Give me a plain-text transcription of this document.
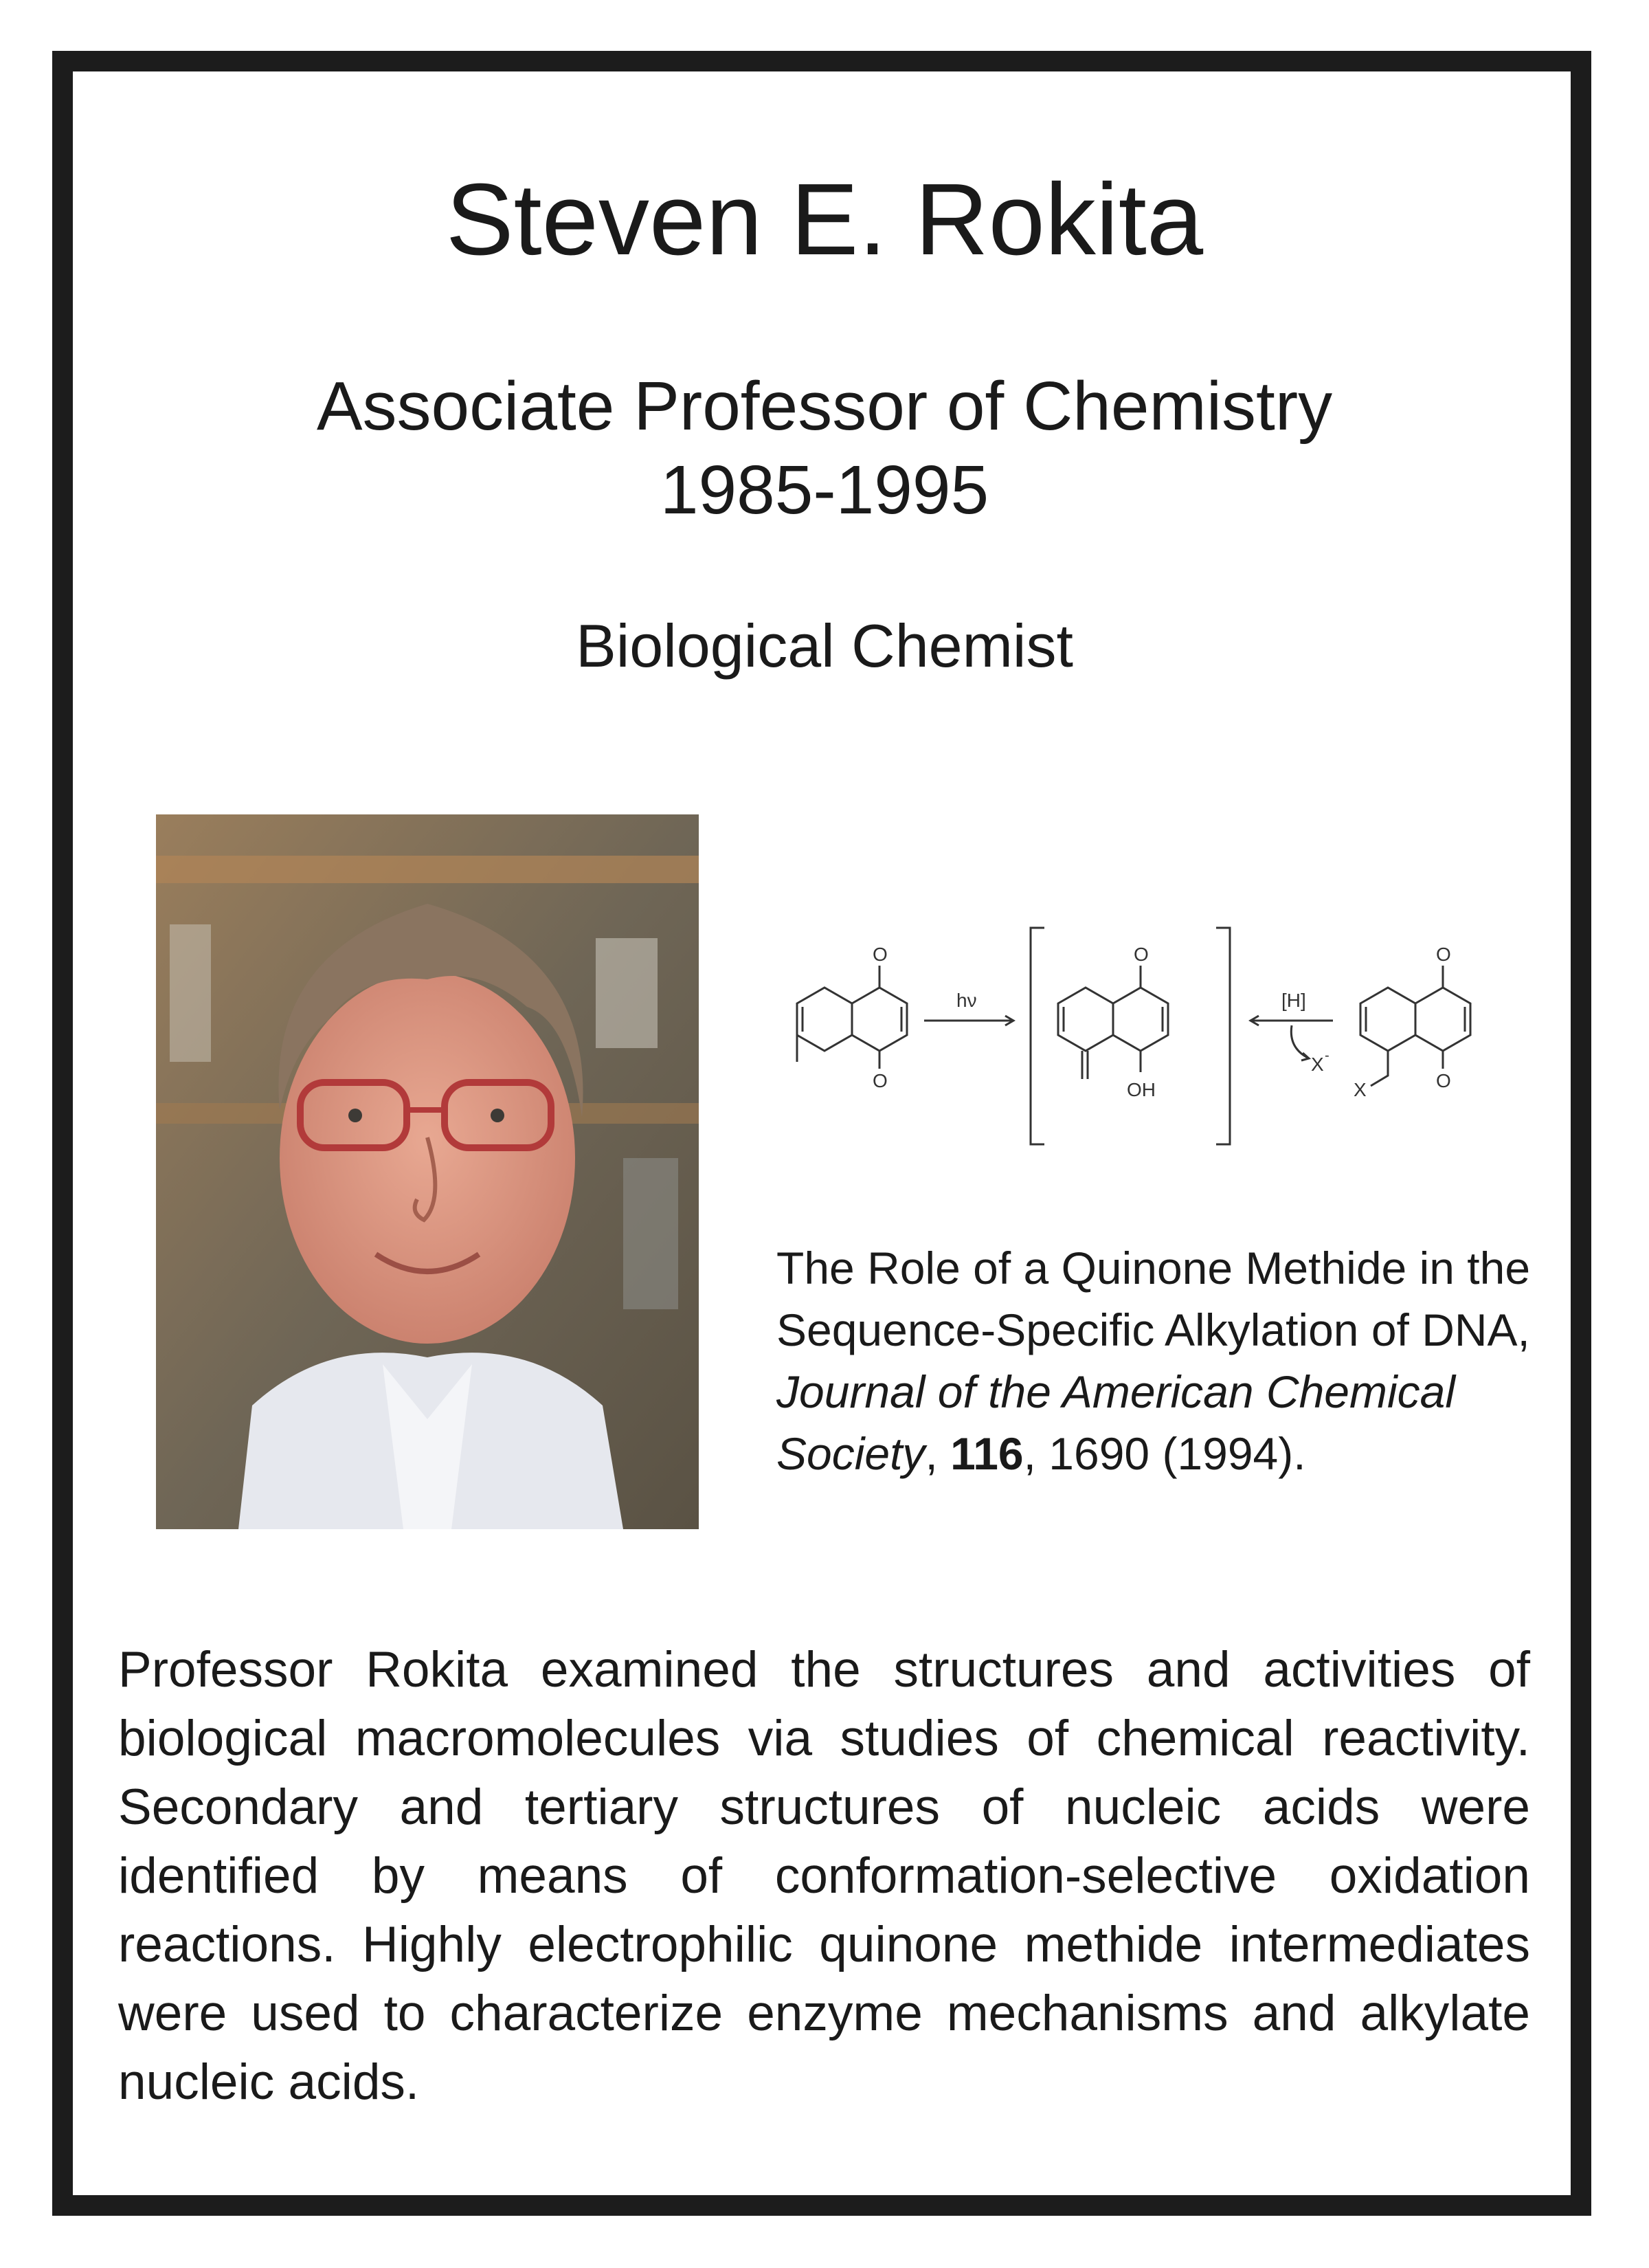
Steven E. Rokita
Associate Professor of Chemistry
1985-1995
Biological Chemist
O
O
hν
O
OH
[H]
X -
O
O
X
The Role of a Quinone Methide in the Sequence-Specific Alkylation of DNA, Journal of the American Chemical Society, 116, 1690 (1994).
Professor Rokita examined the structures and activities of biological macromolecules via studies of chemical reactivity. Secondary and tertiary structures of nucleic acids were identified by means of conformation-selective oxidation reactions. Highly electrophilic quinone methide intermediates were used to characterize enzyme mechanisms and alkylate nucleic acids.
